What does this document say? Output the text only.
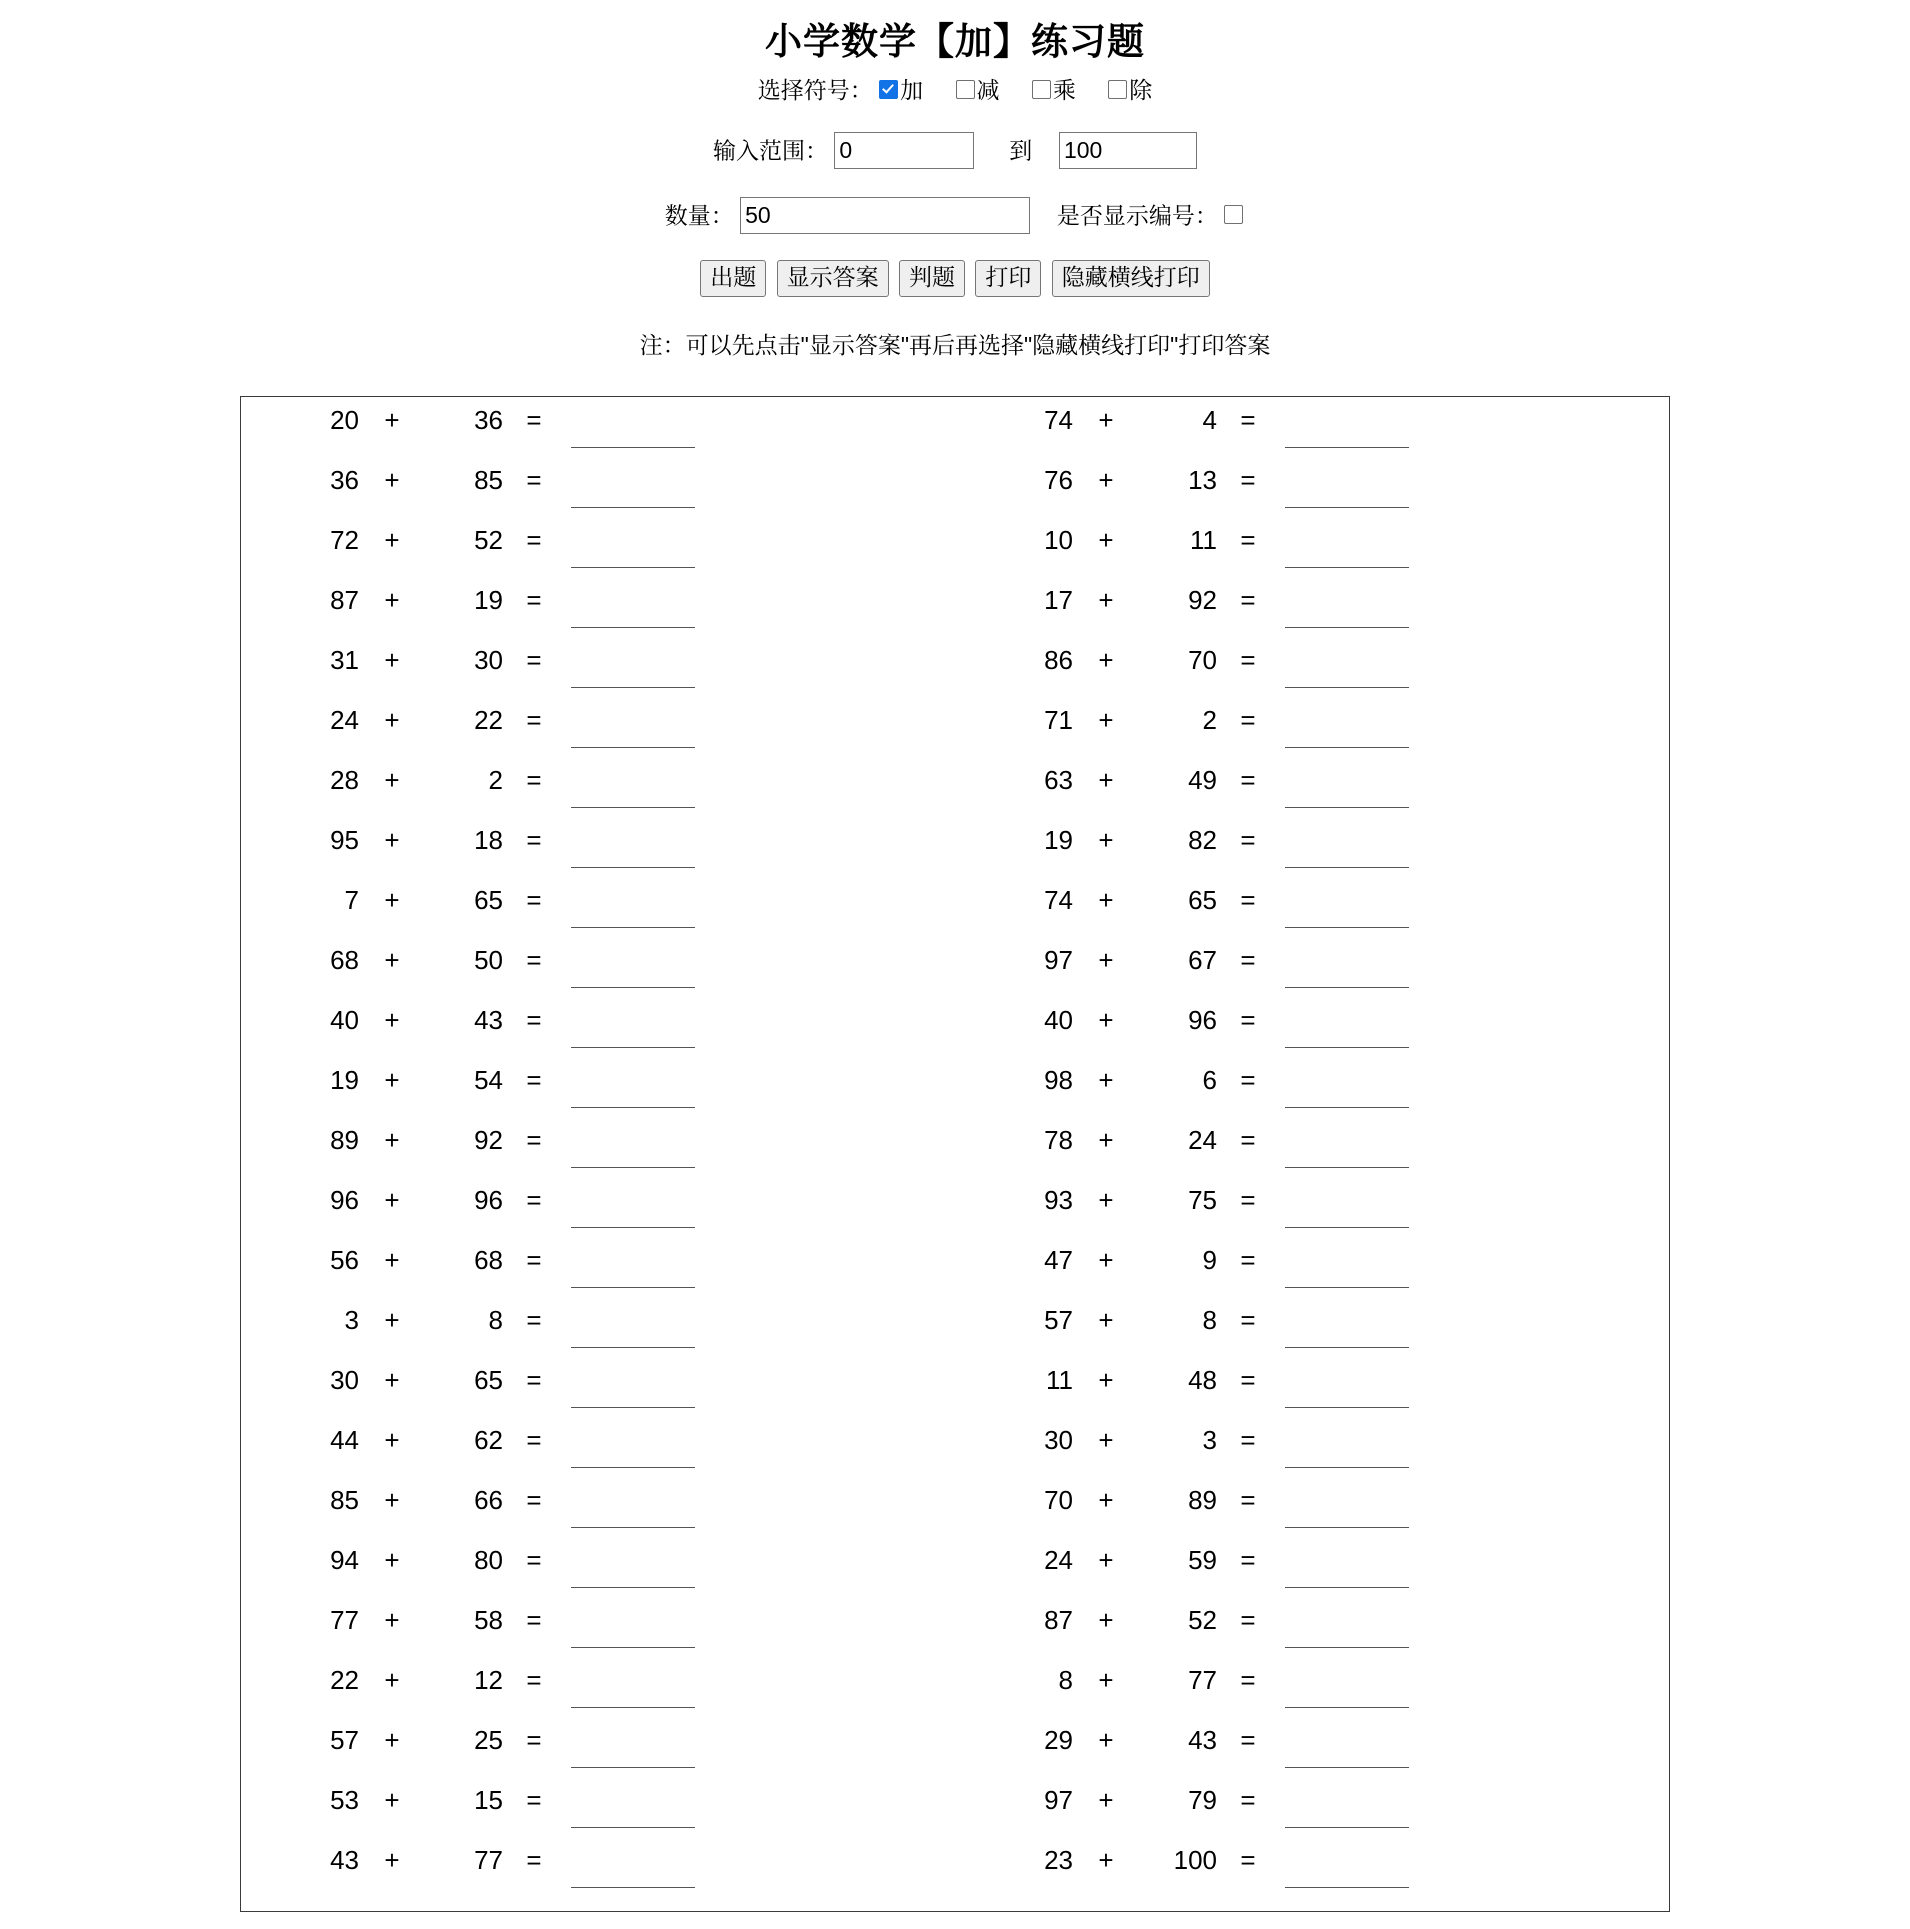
小学数学【加】练习题
选择符号： 加 减 乘 除
输入范围： 0	到  100
数量： 50	是否显示编号：
出题 显示答案 判题 打印 隐藏横线打印
注：可以先点击"显示答案"再后再选择"隐藏横线打印"打印答案
20 + 36 =	74 + 4 =

36 + 85 =	76 + 13 =

72 + 52 =	10 + 11 =

87 + 19 =	17 + 92 =

31 + 30 =	86 + 70 =

24 + 22 =	71 + 2 =

28 + 2 =	63 + 49 =

95 + 18 =	19 + 82 =

7 + 65 =	74 + 65 =

68 + 50 =	97 + 67 =

40 + 43 =	40 + 96 =

19 + 54 =	98 + 6 =

89 + 92 =	78 + 24 =

96 + 96 =	93 + 75 =

56 + 68 =	47 + 9 =

3 + 8 =	57 + 8 =

30 + 65 =	11 + 48 =

44 + 62 =	30 + 3 =

85 + 66 =	70 + 89 =

94 + 80 =	24 + 59 =

77 + 58 =	87 + 52 =

22 + 12 =	8 + 77 =

57 + 25 =	29 + 43 =

53 + 15 =	97 + 79 =

43 + 77 =	23 + 100 =
